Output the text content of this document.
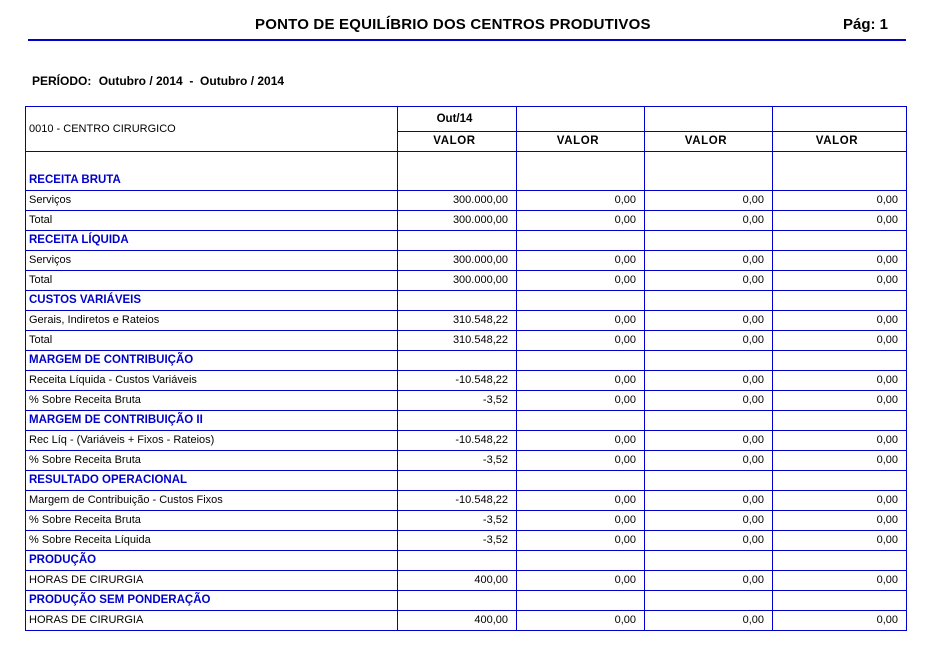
PONTO DE EQUILÍBRIO DOS CENTROS PRODUTIVOS	Pág: 1
PERÍODO: Outubro / 2014  -  Outubro / 2014
0010 - CENTRO CIRURGICO	Out/14			
	VALOR	VALOR	VALOR	VALOR

RECEITA BRUTA				
Serviços	300.000,00	0,00	0,00	0,00
Total	300.000,00	0,00	0,00	0,00
RECEITA LÍQUIDA				
Serviços	300.000,00	0,00	0,00	0,00
Total	300.000,00	0,00	0,00	0,00
CUSTOS VARIÁVEIS				
Gerais, Indiretos e Rateios	310.548,22	0,00	0,00	0,00
Total	310.548,22	0,00	0,00	0,00
MARGEM DE CONTRIBUIÇÃO				
Receita Líquida - Custos Variáveis	-10.548,22	0,00	0,00	0,00
% Sobre Receita Bruta	-3,52	0,00	0,00	0,00
MARGEM DE CONTRIBUIÇÃO II				
Rec Líq - (Variáveis + Fixos - Rateios)	-10.548,22	0,00	0,00	0,00
% Sobre Receita Bruta	-3,52	0,00	0,00	0,00
RESULTADO OPERACIONAL				
Margem de Contribuição - Custos Fixos	-10.548,22	0,00	0,00	0,00
% Sobre Receita Bruta	-3,52	0,00	0,00	0,00
% Sobre Receita Líquida	-3,52	0,00	0,00	0,00
PRODUÇÃO				
HORAS DE CIRURGIA	400,00	0,00	0,00	0,00
PRODUÇÃO SEM PONDERAÇÃO				
HORAS DE CIRURGIA	400,00	0,00	0,00	0,00
